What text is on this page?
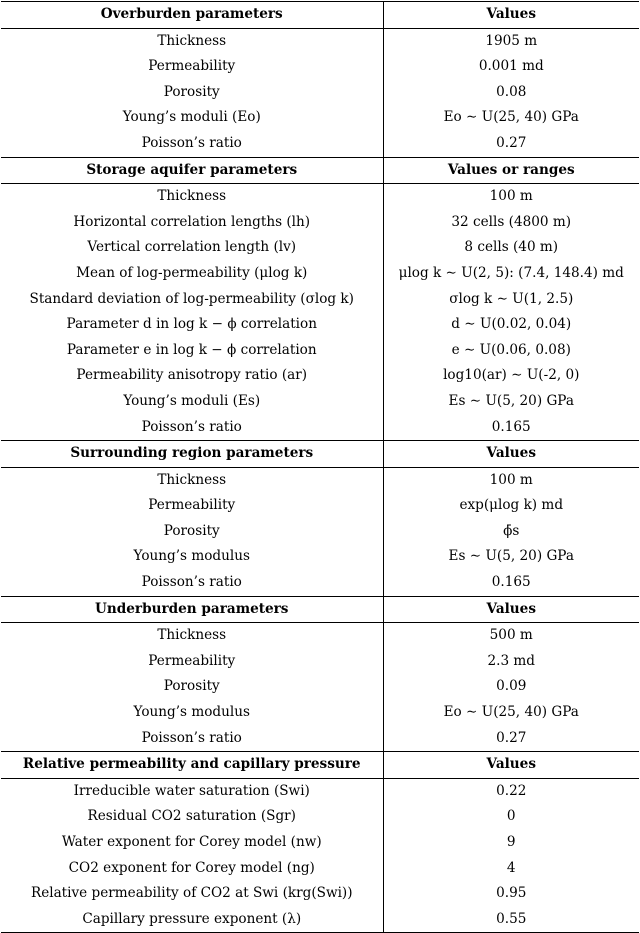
Overburden parameters	Values
Thickness	1905 m
Permeability	0.001 md
Porosity	0.08
Young’s moduli (Eo)	Eo ∼ U(25, 40) GPa
Poisson’s ratio	0.27
Storage aquifer parameters	Values or ranges
Thickness	100 m
Horizontal correlation lengths (lh)	32 cells (4800 m)
Vertical correlation length (lv)	8 cells (40 m)
Mean of log-permeability (μlog k)	μlog k ∼ U(2, 5): (7.4, 148.4) md
Standard deviation of log-permeability (σlog k)	σlog k ∼ U(1, 2.5)
Parameter d in log k − ϕ correlation	d ∼ U(0.02, 0.04)
Parameter e in log k − ϕ correlation	e ∼ U(0.06, 0.08)
Permeability anisotropy ratio (ar)	log10(ar) ∼ U(-2, 0)
Young’s moduli (Es)	Es ∼ U(5, 20) GPa
Poisson’s ratio	0.165
Surrounding region parameters	Values
Thickness	100 m
Permeability	exp(μlog k) md
Porosity	ϕ̄s
Young’s modulus	Es ∼ U(5, 20) GPa
Poisson’s ratio	0.165
Underburden parameters	Values
Thickness	500 m
Permeability	2.3 md
Porosity	0.09
Young’s modulus	Eo ∼ U(25, 40) GPa
Poisson’s ratio	0.27
Relative permeability and capillary pressure	Values
Irreducible water saturation (Swi)	0.22
Residual CO2 saturation (Sgr)	0
Water exponent for Corey model (nw)	9
CO2 exponent for Corey model (ng)	4
Relative permeability of CO2 at Swi (krg(Swi))	0.95
Capillary pressure exponent (λ)	0.55
